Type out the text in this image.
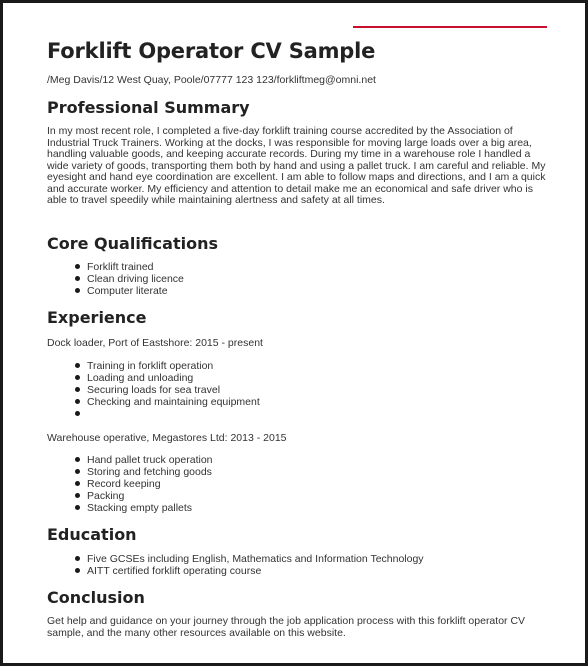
Forklift Operator CV Sample
/Meg Davis/12 West Quay, Poole/07777 123 123/forkliftmeg@omni.net
Professional Summary

In my most recent role, I completed a five-day forklift training course accredited by the Association of Industrial Truck Trainers. Working at the docks, I was responsible for moving large loads over a big area, handling valuable goods, and keeping accurate records. During my time in a warehouse role I handled a wide variety of goods, transporting them both by hand and using a pallet truck. I am careful and reliable. My eyesight and hand eye coordination are excellent. I am able to follow maps and directions, and I am a quick and accurate worker. My efficiency and attention to detail make me an economical and safe driver who is able to travel speedily while maintaining alertness and safety at all times.

Core Qualifications
Forklift trained
Clean driving licence
Computer literate
Experience
Dock loader, Port of Eastshore: 2015 - present
Training in forklift operation
Loading and unloading
Securing loads for sea travel
Checking and maintaining equipment
Warehouse operative, Megastores Ltd: 2013 - 2015
Hand pallet truck operation
Storing and fetching goods
Record keeping
Packing
Stacking empty pallets
Education
Five GCSEs including English, Mathematics and Information Technology
AITT certified forklift operating course
Conclusion

Get help and guidance on your journey through the job application process with this forklift operator CV sample, and the many other resources available on this website.
